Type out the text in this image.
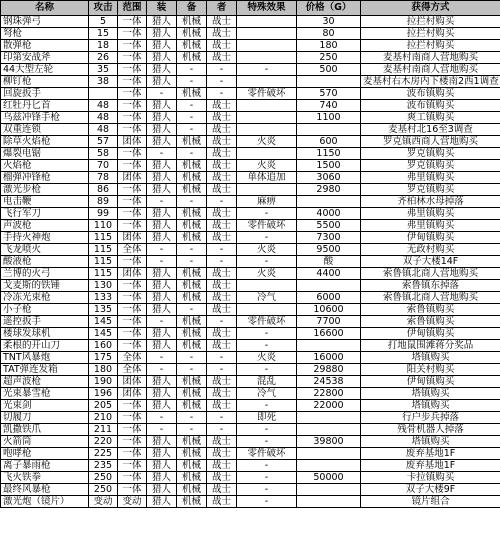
名称	攻击	范围	装	备	者	特殊效果	价格（G）	获得方式
钢珠弹弓	5	一体	猎人	机械	战士		30	拉拦村购买
弩枪	15	一体	猎人	机械	战士		80	拉拦村购买
散弹枪	18	一体	猎人	机械	战士		180	拉拦村购买
印第安战斧	26	一体	猎人	机械	战士		250	麦基村南商人营地购买
44大型左轮	35	一体	猎人	-	-	-	500	麦基村南商人营地购买
柳钉枪	38	一体	猎人	-	-			麦基村右木房内下楼南2西1调查
回旋扳手		一体	-	机械	-	零件破坏	570	波布镇购买
红牡丹匕首	48	一体	猎人	-	战士		740	波布镇购买
乌兹冲锋手枪	48	一体	猎人	-	战士		1100	爽工镇购买
双重连锁	48	一体	猎人	-	战士			麦基村北16至3调查
除草火焰枪	57	团体	猎人	机械	战士	火炎	600	罗克镇西商人营地购买
爆裂电锯	58	一体	-	-	战士		1150	罗克镇购买
火焰枪	70	一体	猎人	机械	战士	火炎	1500	罗克镇购买
榴弹冲锋枪	78	团体	猎人	机械	战士	单体追加	3060	弗里镇购买
激光步枪	86	一体	猎人	机械	战士		2980	罗克镇购买
电击鞭	89	一体	-	-	-	麻痹		齐柏林水母掉落
飞行军刀	99	一体	猎人	机械	战士	-	4000	弗里镇购买
声波枪	110	一体	猎人	机械	战士	零件破坏	5500	弗里镇购买
手持火神炮	115	团体	猎人	机械	战士	-	7300	伊甸镇购买
飞龙喷火	115	全体	-	-	-	火炎	9500	无政村购买
酸液枪	115	一体	-	-	-	-	酸	双子大楼14F
兰博的火弓	115	团体	猎人	机械	战士	火炎	4400	索鲁镇北商人营地购买
戈麦斯的铁锤	130	一体	猎人	机械	战士			索鲁镇东掉落
冷冻光束枪	133	一体	猎人	机械	战士	冷气	6000	索鲁镇北商人营地购买
小子枪	135	一体	猎人	-	战士		10600	索鲁镇购买
遥控扳手	145	一体	-	机械	-	零件破坏	7700	索鲁镇购买
楼球发球机	145	一体	猎人	机械	战士	-	16600	伊甸镇购买
柔根的开山刀	160	一体	猎人	机械	战士	-		打地鼠围滩蒋分奖品
TNT风暴炮	175	全体	-	-	-	火炎	16000	塔镇购买
TAT弹连发箱	180	全体	-	-	-	-	29880	阳关村购买
超声波枪	190	团体	猎人	机械	战士	混乱	24538	伊甸镇购买
光束暴雪枪	196	团体	猎人	机械	战士	冷气	22800	塔镇购买
光束剑	205	一体	猎人	机械	战士	-	22000	塔镇购买
切履刀	210	一体	-	-	-	即死		行户步兵掉落
凯撒铁爪	211	一体	-	-	-	-		残骨机器人掉落
火箭筒	220	一体	猎人	机械	战士	-	39800	塔镇购买
咆哮枪	225	一体	猎人	机械	战士	零件破坏		废弃基地1F
离子暴雨枪	235	一体	猎人	机械	战士	-		废弃基地1F
飞火铁拳	250	一体	猎人	机械	战士	-	50000	卡拉镇购买
最终风暴枪	250	一体	猎人	机械	战士	-		双子大楼9F
激光炮（镜片）	变动	变动	猎人	机械	战士	-		镜片组合
